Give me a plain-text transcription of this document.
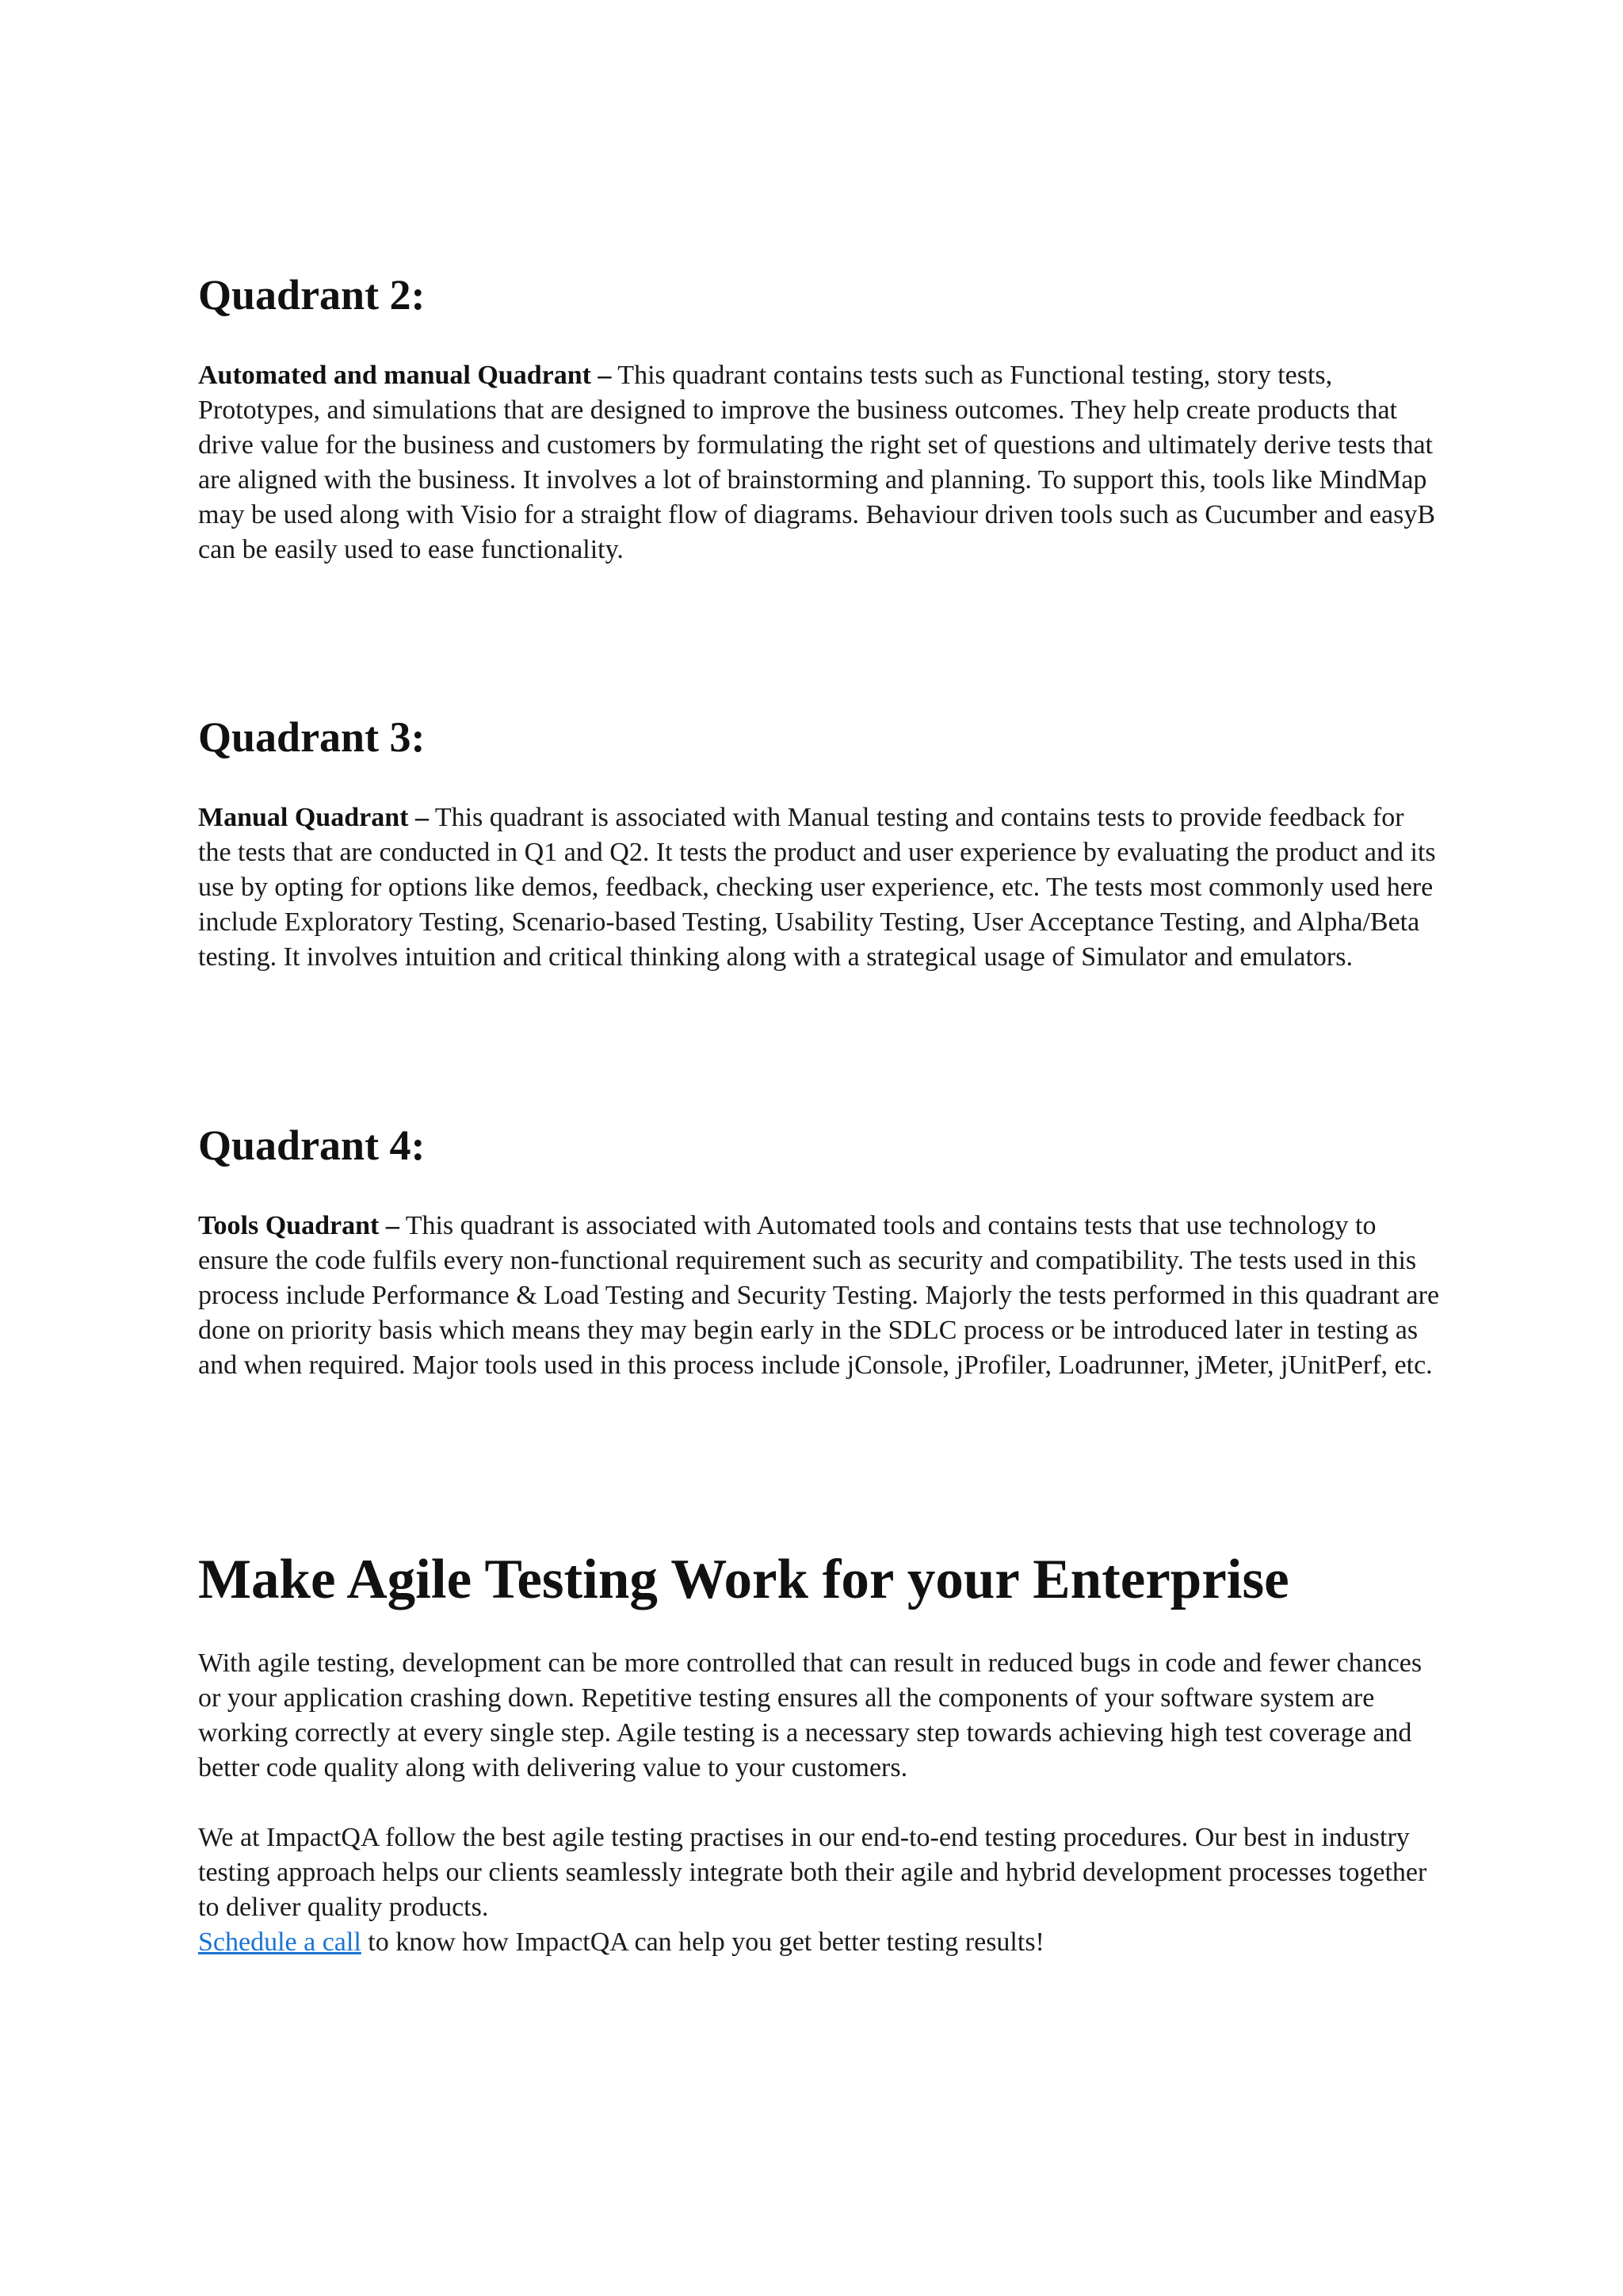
Quadrant 2:

Automated and manual Quadrant – This quadrant contains tests such as Functional testing, story tests, Prototypes, and simulations that are designed to improve the business outcomes. They help create products that drive value for the business and customers by formulating the right set of questions and ultimately derive tests that are aligned with the business. It involves a lot of brainstorming and planning. To support this, tools like MindMap may be used along with Visio for a straight flow of diagrams. Behaviour driven tools such as Cucumber and easyB can be easily used to ease functionality.

Quadrant 3:

Manual Quadrant – This quadrant is associated with Manual testing and contains tests to provide feedback for the tests that are conducted in Q1 and Q2. It tests the product and user experience by evaluating the product and its use by opting for options like demos, feedback, checking user experience, etc. The tests most commonly used here include Exploratory Testing, Scenario-based Testing, Usability Testing, User Acceptance Testing, and Alpha/Beta testing. It involves intuition and critical thinking along with a strategical usage of Simulator and emulators.

Quadrant 4:

Tools Quadrant – This quadrant is associated with Automated tools and contains tests that use technology to ensure the code fulfils every non-functional requirement such as security and compatibility. The tests used in this process include Performance & Load Testing and Security Testing. Majorly the tests performed in this quadrant are done on priority basis which means they may begin early in the SDLC process or be introduced later in testing as and when required. Major tools used in this process include jConsole, jProfiler, Loadrunner, jMeter, jUnitPerf, etc.

Make Agile Testing Work for your Enterprise

With agile testing, development can be more controlled that can result in reduced bugs in code and fewer chances or your application crashing down. Repetitive testing ensures all the components of your software system are working correctly at every single step. Agile testing is a necessary step towards achieving high test coverage and better code quality along with delivering value to your customers.

We at ImpactQA follow the best agile testing practises in our end-to-end testing procedures. Our best in industry testing approach helps our clients seamlessly integrate both their agile and hybrid development processes together to deliver quality products.

Schedule a call to know how ImpactQA can help you get better testing results!
